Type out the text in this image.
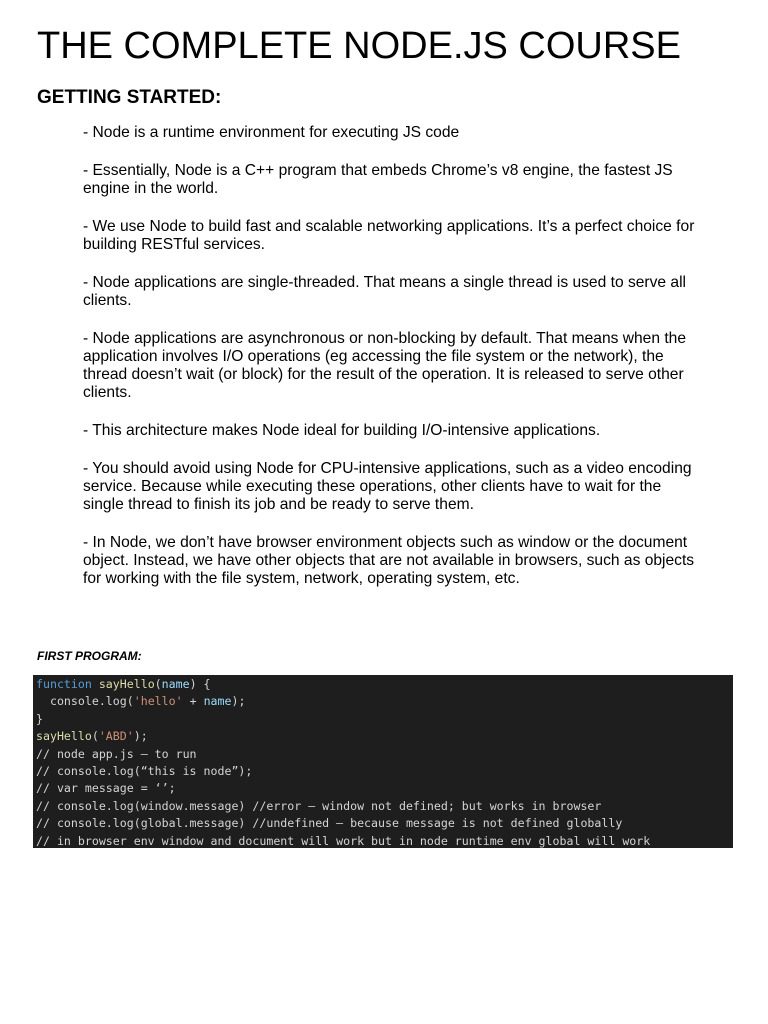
THE COMPLETE NODE.JS COURSE
GETTING STARTED:
- Node is a runtime environment for executing JS code
- Essentially, Node is a C++ program that embeds Chrome’s v8 engine, the fastest JS engine in the world.
- We use Node to build fast and scalable networking applications. It’s a perfect choice for building RESTful services.
- Node applications are single-threaded. That means a single thread is used to serve all clients.
- Node applications are asynchronous or non-blocking by default. That means when the application involves I/O operations (eg accessing the file system or the network), the thread doesn’t wait (or block) for the result of the operation. It is released to serve other clients.
- This architecture makes Node ideal for building I/O-intensive applications.
- You should avoid using Node for CPU-intensive applications, such as a video encoding service. Because while executing these operations, other clients have to wait for the single thread to finish its job and be ready to serve them.
- In Node, we don’t have browser environment objects such as window or the document object. Instead, we have other objects that are not available in browsers, such as objects for working with the file system, network, operating system, etc.
FIRST PROGRAM:
function sayHello(name) {
console.log('hello' + name);
}
sayHello('ABD');
// node app.js – to run
// console.log(“this is node”);
// var message = ‘’;
// console.log(window.message) //error – window not defined; but works in browser
// console.log(global.message) //undefined – because message is not defined globally
// in browser env window and document will work but in node runtime env global will work
